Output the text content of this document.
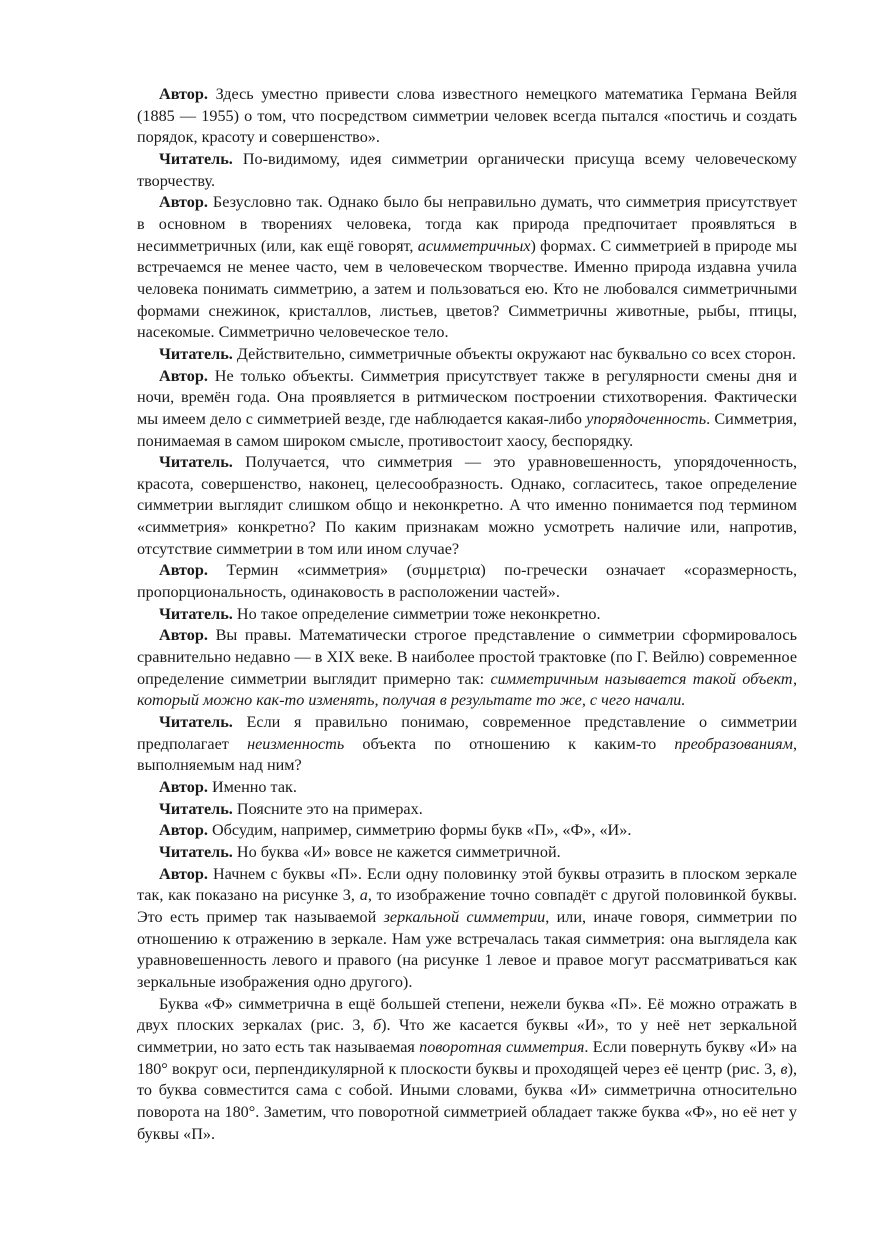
Автор. Здесь уместно привести слова известного немецкого математика Германа Вейля (1885 — 1955) о том, что посредством симметрии человек всегда пытался «постичь и создать порядок, красоту и совершенство».

Читатель. По-видимому, идея симметрии органически присуща всему человеческому творчеству.

Автор. Безусловно так. Однако было бы неправильно думать, что симметрия присутствует в основном в творениях человека, тогда как природа предпочитает проявляться в несимметричных (или, как ещё говорят, асимметричных) формах. С симметрией в природе мы встречаемся не менее часто, чем в человеческом творчестве. Именно природа издавна учила человека понимать симметрию, а затем и пользоваться ею. Кто не любовался симметричными формами снежинок, кристаллов, листьев, цветов? Симметричны животные, рыбы, птицы, насекомые. Симметрично человеческое тело.

Читатель. Действительно, симметричные объекты окружают нас буквально со всех сторон.

Автор. Не только объекты. Симметрия присутствует также в регулярности смены дня и ночи, времён года. Она проявляется в ритмическом построении стихотворения. Фактически мы имеем дело с симметрией везде, где наблюдается какая-либо упорядоченность. Симметрия, понимаемая в самом широком смысле, противостоит хаосу, беспорядку.

Читатель. Получается, что симметрия — это уравновешенность, упорядоченность, красота, совершенство, наконец, целесообразность. Однако, согласитесь, такое определение симметрии выглядит слишком общо и неконкретно. А что именно понимается под термином «симметрия» конкретно? По каким признакам можно усмотреть наличие или, напротив, отсутствие симметрии в том или ином случае?

Автор. Термин «симметрия» (συμμετρια) по-гречески означает «соразмерность, пропорциональность, одинаковость в расположении частей».

Читатель. Но такое определение симметрии тоже неконкретно.

Автор. Вы правы. Математически строгое представление о симметрии сформировалось сравнительно недавно — в XIX веке. В наиболее простой трактовке (по Г. Вейлю) современное определение симметрии выглядит примерно так: симметричным называется такой объект, который можно как-то изменять, получая в результате то же, с чего начали.

Читатель. Если я правильно понимаю, современное представление о симметрии предполагает неизменность объекта по отношению к каким-то преобразованиям, выполняемым над ним?

Автор. Именно так.

Читатель. Поясните это на примерах.

Автор. Обсудим, например, симметрию формы букв «П», «Ф», «И».

Читатель. Но буква «И» вовсе не кажется симметричной.

Автор. Начнем с буквы «П». Если одну половинку этой буквы отразить в плоском зеркале так, как показано на рисунке 3, а, то изображение точно совпадёт с другой половинкой буквы. Это есть пример так называемой зеркальной симметрии, или, иначе говоря, симметрии по отношению к отражению в зеркале. Нам уже встречалась такая симметрия: она выглядела как уравновешенность левого и правого (на рисунке 1 левое и правое могут рассматриваться как зеркальные изображения одно другого).

Буква «Ф» симметрична в ещё большей степени, нежели буква «П». Её можно отражать в двух плоских зеркалах (рис. 3, б). Что же касается буквы «И», то у неё нет зеркальной симметрии, но зато есть так называемая поворотная симметрия. Если повернуть букву «И» на 180° вокруг оси, перпендикулярной к плоскости буквы и проходящей через её центр (рис. 3, в), то буква совместится сама с собой. Иными словами, буква «И» симметрична относительно поворота на 180°. Заметим, что поворотной симметрией обладает также буква «Ф», но её нет у буквы «П».
